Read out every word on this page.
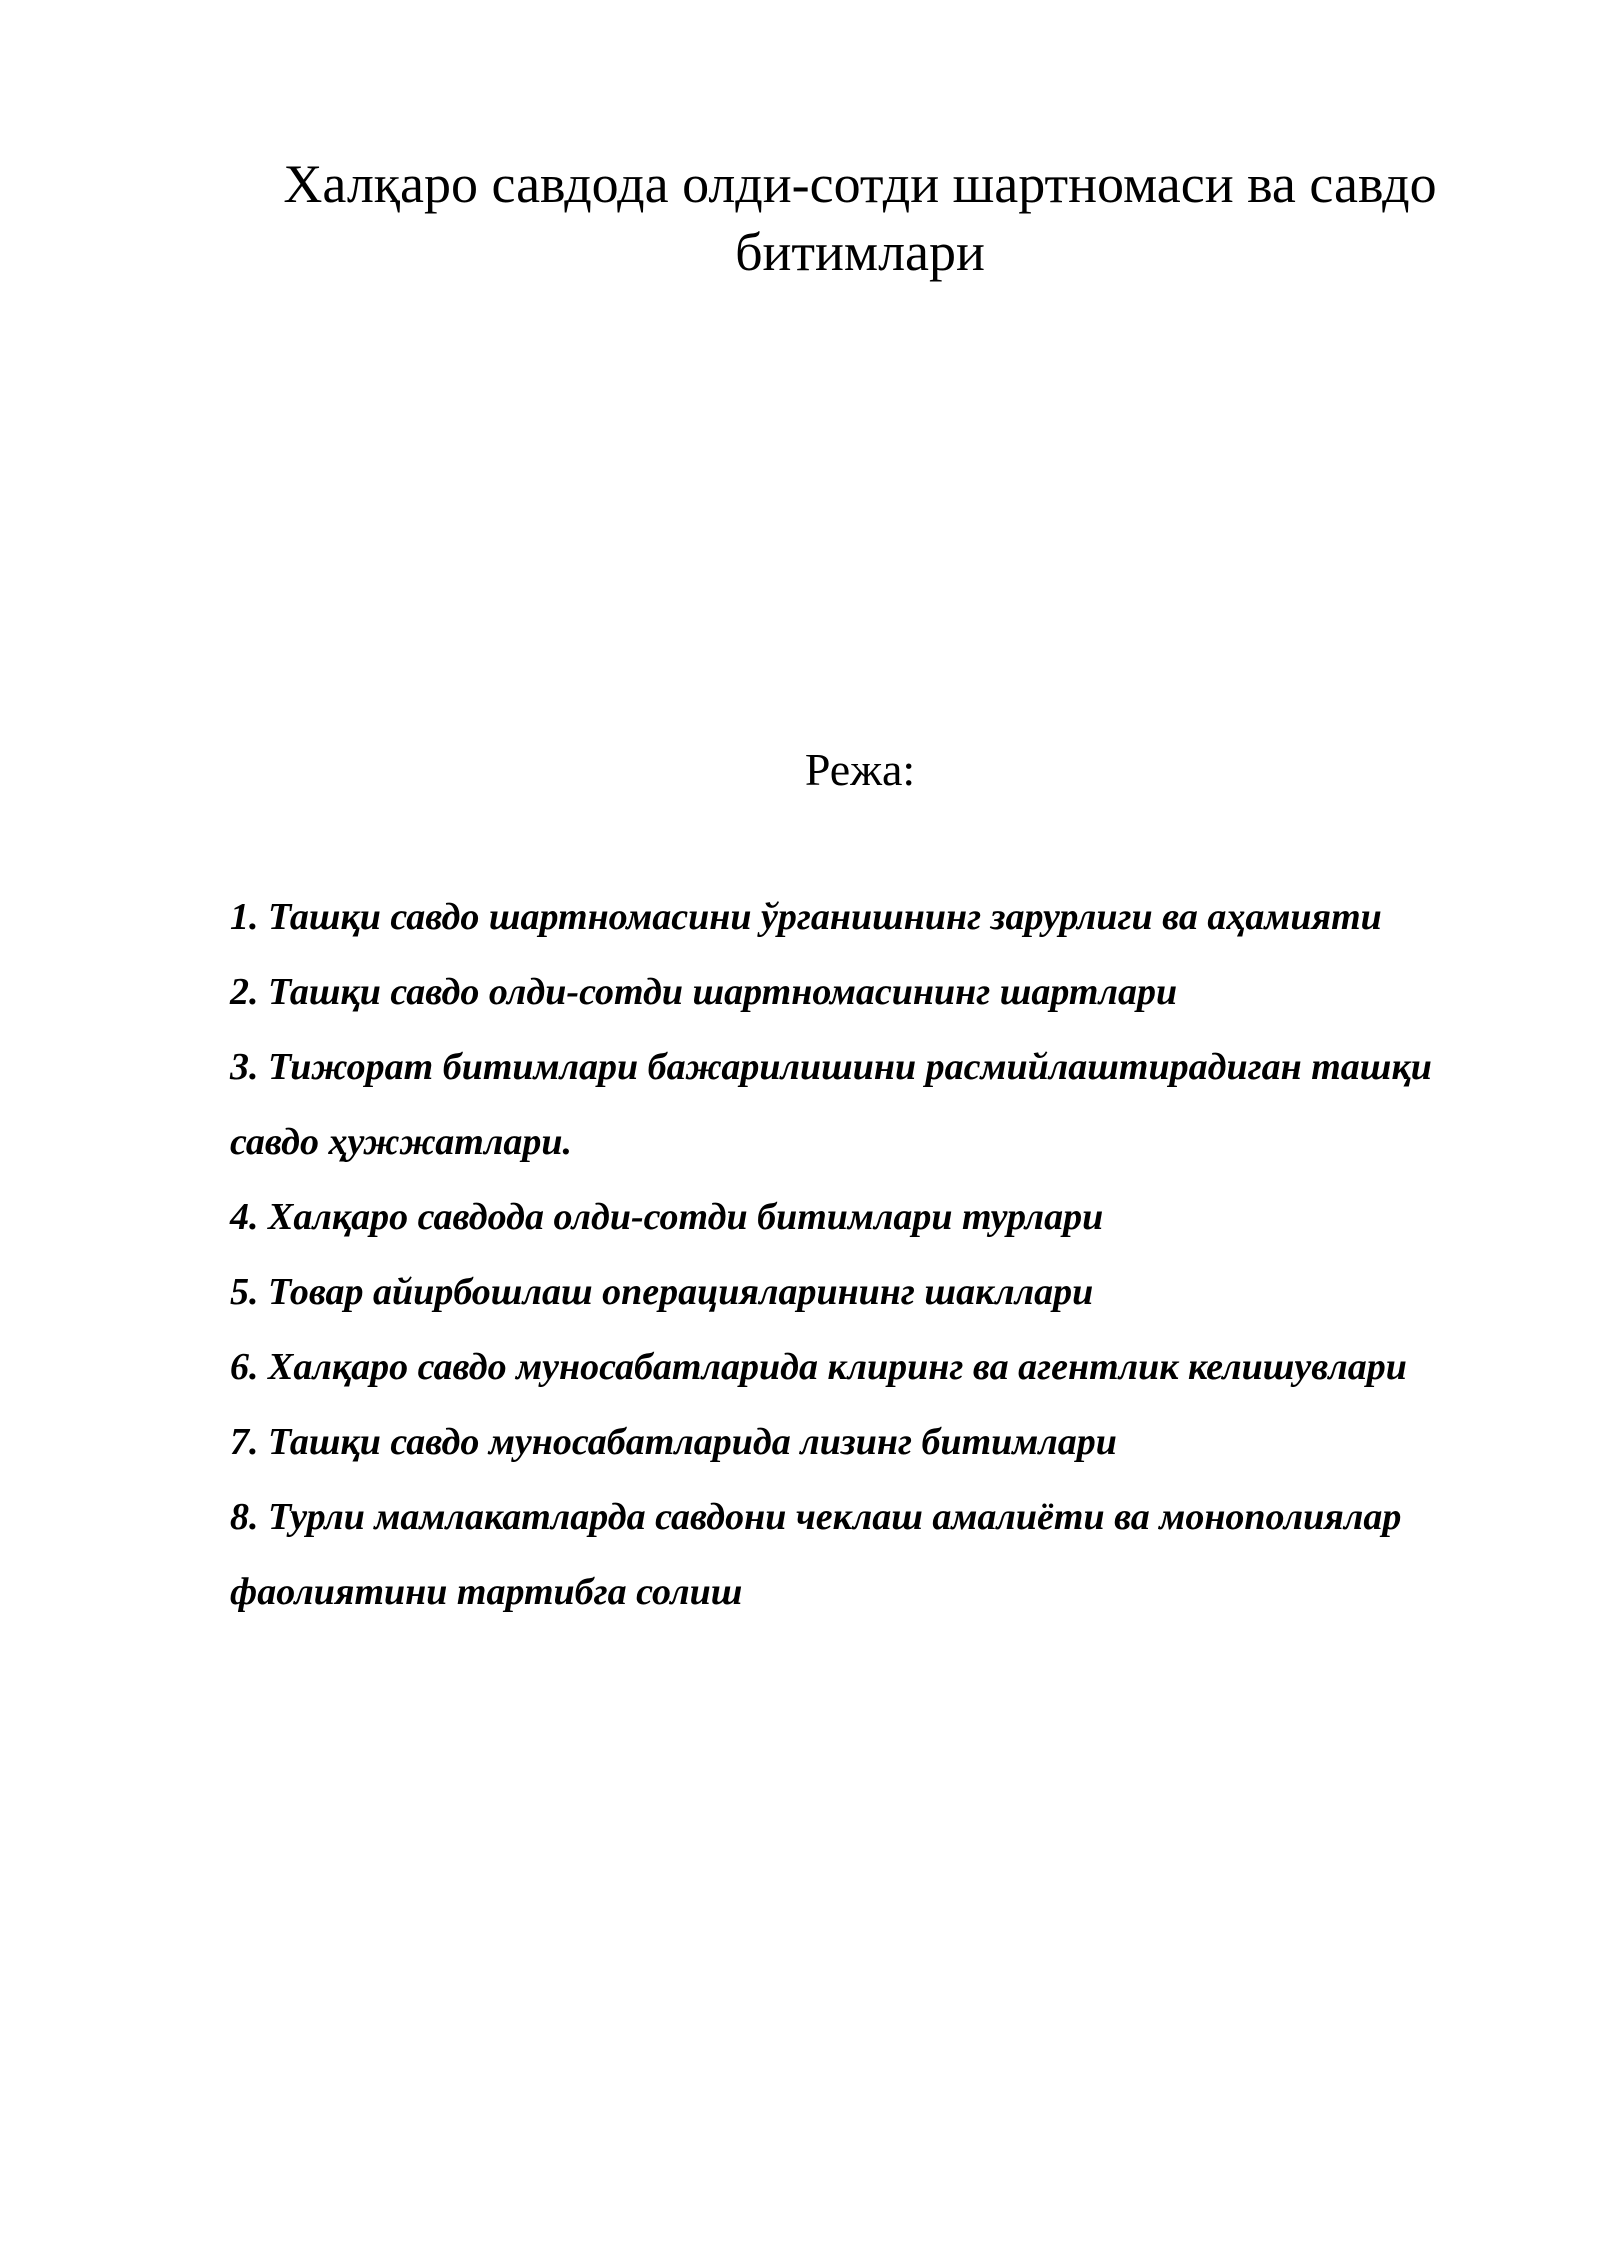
Халқаро савдода олди-сотди шартномаси ва савдо битимлари

Режа:

1. Ташқи савдо шартномасини ўрганишнинг зарурлиги ва аҳамияти
2. Ташқи савдо олди-сотди шартномасининг шартлари
3. Тижорат битимлари бажарилишини расмийлаштирадиган ташқи савдо ҳужжатлари.
4. Халқаро савдода олди-сотди битимлари турлари
5. Товар айирбошлаш операцияларининг шакллари
6. Халқаро савдо муносабатларида клиринг ва агентлик келишувлари
7. Ташқи савдо муносабатларида лизинг битимлари
8. Турли мамлакатларда савдони чеклаш амалиёти ва монополиялар фаолиятини тартибга солиш
